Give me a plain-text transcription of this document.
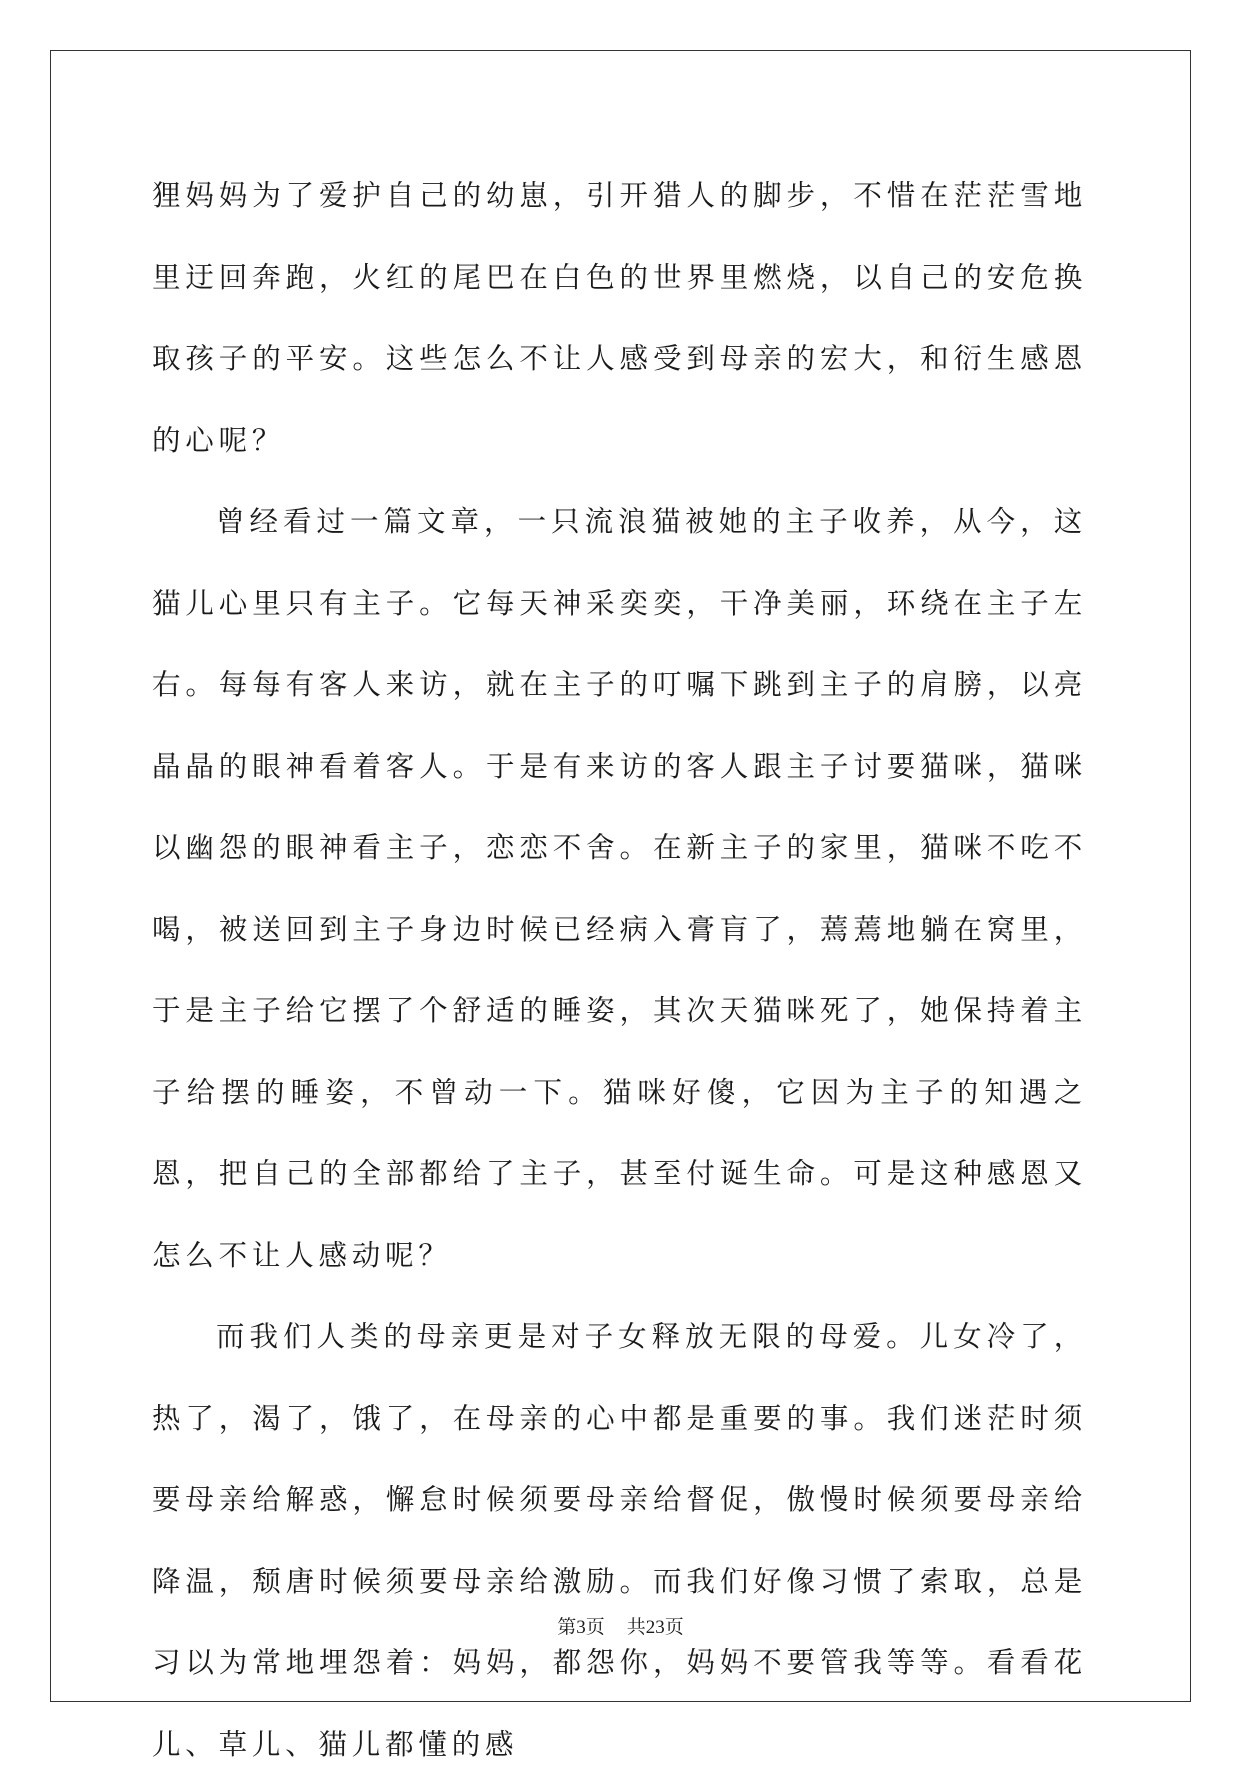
狸妈妈为了爱护自己的幼崽，引开猎人的脚步，不惜在茫茫雪地里迂回奔跑，火红的尾巴在白色的世界里燃烧，以自己的安危换取孩子的平安。这些怎么不让人感受到母亲的宏大，和衍生感恩的心呢？

曾经看过一篇文章，一只流浪猫被她的主子收养，从今，这猫儿心里只有主子。它每天神采奕奕，干净美丽，环绕在主子左右。每每有客人来访，就在主子的叮嘱下跳到主子的肩膀，以亮晶晶的眼神看着客人。于是有来访的客人跟主子讨要猫咪，猫咪以幽怨的眼神看主子，恋恋不舍。在新主子的家里，猫咪不吃不喝，被送回到主子身边时候已经病入膏肓了，蔫蔫地躺在窝里，于是主子给它摆了个舒适的睡姿，其次天猫咪死了，她保持着主子给摆的睡姿，不曾动一下。猫咪好傻，它因为主子的知遇之恩，把自己的全部都给了主子，甚至付诞生命。可是这种感恩又怎么不让人感动呢？

而我们人类的母亲更是对子女释放无限的母爱。儿女冷了，热了，渴了，饿了，在母亲的心中都是重要的事。我们迷茫时须要母亲给解惑，懈怠时候须要母亲给督促，傲慢时候须要母亲给降温，颓唐时候须要母亲给激励。而我们好像习惯了索取，总是习以为常地埋怨着：妈妈，都怨你，妈妈不要管我等等。看看花儿、草儿、猫儿都懂的感

第3页 共23页
